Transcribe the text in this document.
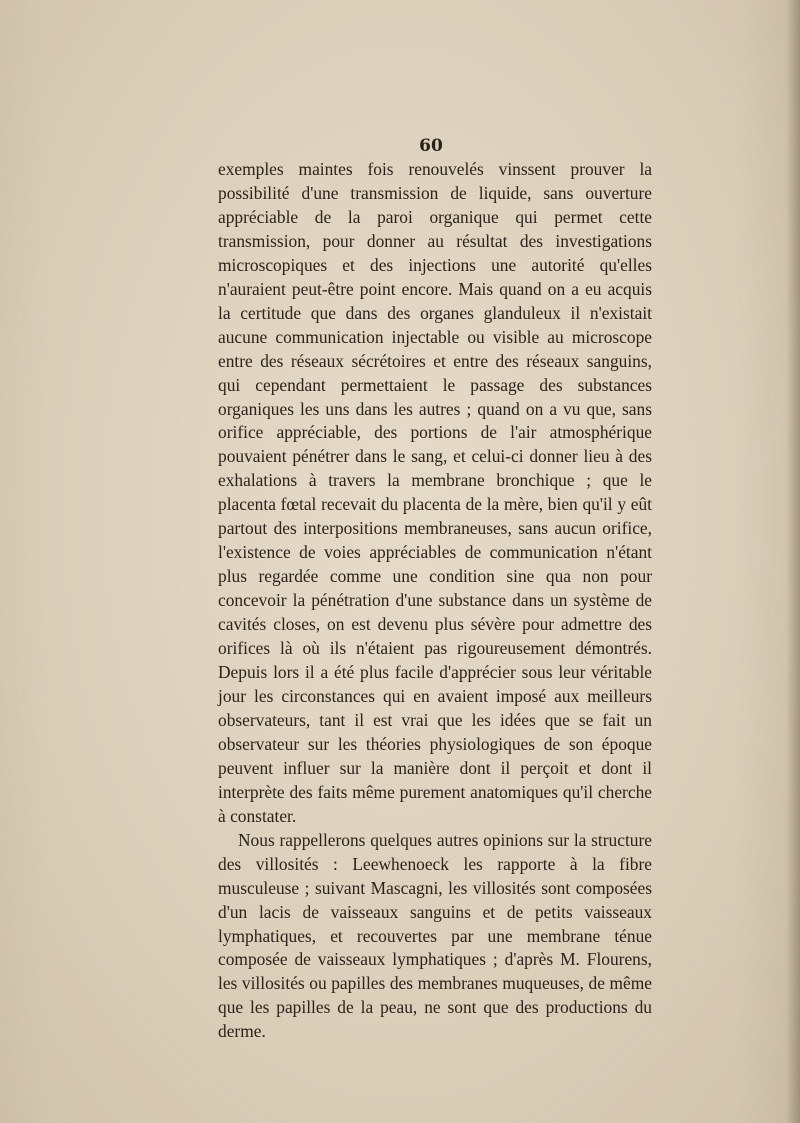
60

exemples maintes fois renouvelés vinssent prouver la possibilité d'une transmission de liquide, sans ouverture appréciable de la paroi organique qui permet cette transmission, pour donner au résultat des investigations microscopiques et des injections une autorité qu'elles n'auraient peut-être point encore. Mais quand on a eu acquis la certitude que dans des organes glanduleux il n'existait aucune communication injectable ou visible au microscope entre des réseaux sécrétoires et entre des réseaux sanguins, qui cependant permettaient le passage des substances organiques les uns dans les autres ; quand on a vu que, sans orifice appréciable, des portions de l'air atmosphérique pouvaient pénétrer dans le sang, et celui-ci donner lieu à des exhalations à travers la membrane bronchique ; que le placenta fœtal recevait du placenta de la mère, bien qu'il y eût partout des interpositions membraneuses, sans aucun orifice, l'existence de voies appréciables de communication n'étant plus regardée comme une condition sine qua non pour concevoir la pénétration d'une substance dans un système de cavités closes, on est devenu plus sévère pour admettre des orifices là où ils n'étaient pas rigoureusement démontrés. Depuis lors il a été plus facile d'apprécier sous leur véritable jour les circonstances qui en avaient imposé aux meilleurs observateurs, tant il est vrai que les idées que se fait un observateur sur les théories physiologiques de son époque peuvent influer sur la manière dont il perçoit et dont il interprète des faits même purement anatomiques qu'il cherche à constater.

Nous rappellerons quelques autres opinions sur la structure des villosités : Leewhenoeck les rapporte à la fibre musculeuse ; suivant Mascagni, les villosités sont composées d'un lacis de vaisseaux sanguins et de petits vaisseaux lymphatiques, et recouvertes par une membrane ténue composée de vaisseaux lymphatiques ; d'après M. Flourens, les villosités ou papilles des membranes muqueuses, de même que les papilles de la peau, ne sont que des productions du derme.
